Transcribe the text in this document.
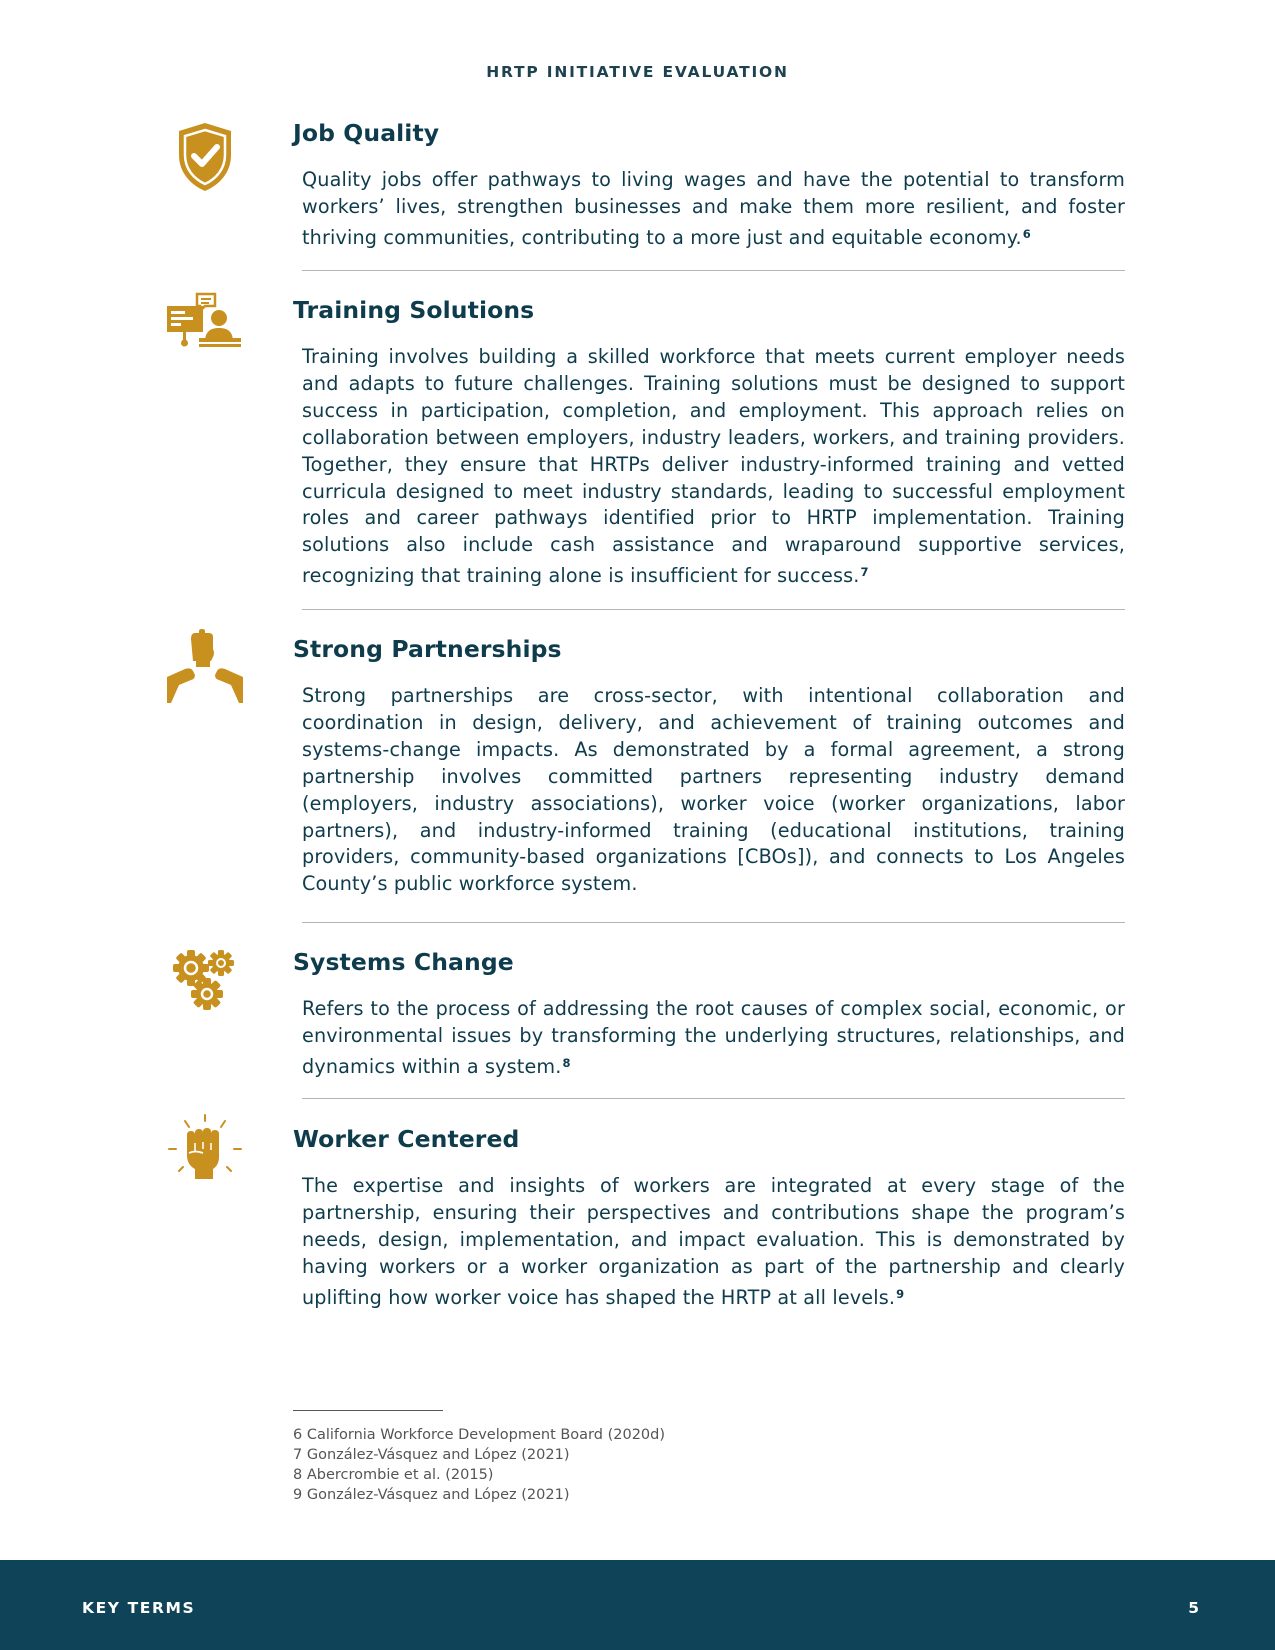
HRTP INITIATIVE EVALUATION
Job Quality
Quality jobs offer pathways to living wages and have the potential to transform workers’ lives, strengthen businesses and make them more resilient, and foster thriving communities, contributing to a more just and equitable economy.$^6$
Training Solutions
Training involves building a skilled workforce that meets current employer needs and adapts to future challenges. Training solutions must be designed to support success in participation, completion, and employment. This approach relies on collaboration between employers, industry leaders, workers, and training providers. Together, they ensure that HRTPs deliver industry-informed training and vetted curricula designed to meet industry standards, leading to successful employment roles and career pathways identified prior to HRTP implementation. Training solutions also include cash assistance and wraparound supportive services, recognizing that training alone is insufficient for success.$^7$
Strong Partnerships
Strong partnerships are cross-sector, with intentional collaboration and coordination in design, delivery, and achievement of training outcomes and systems-change impacts. As demonstrated by a formal agreement, a strong partnership involves committed partners representing industry demand (employers, industry associations), worker voice (worker organizations, labor partners), and industry-informed training (educational institutions, training providers, community-based organizations [CBOs]), and connects to Los Angeles County’s public workforce system.
Systems Change
Refers to the process of addressing the root causes of complex social, economic, or environmental issues by transforming the underlying structures, relationships, and dynamics within a system.$^8$
Worker Centered
The expertise and insights of workers are integrated at every stage of the partnership, ensuring their perspectives and contributions shape the program’s needs, design, implementation, and impact evaluation. This is demonstrated by having workers or a worker organization as part of the partnership and clearly uplifting how worker voice has shaped the HRTP at all levels.$^9$
6 California Workforce Development Board (2020d)
7 González-Vásquez and López (2021)
8 Abercrombie et al. (2015)
9 González-Vásquez and López (2021)
KEY TERMS	5
